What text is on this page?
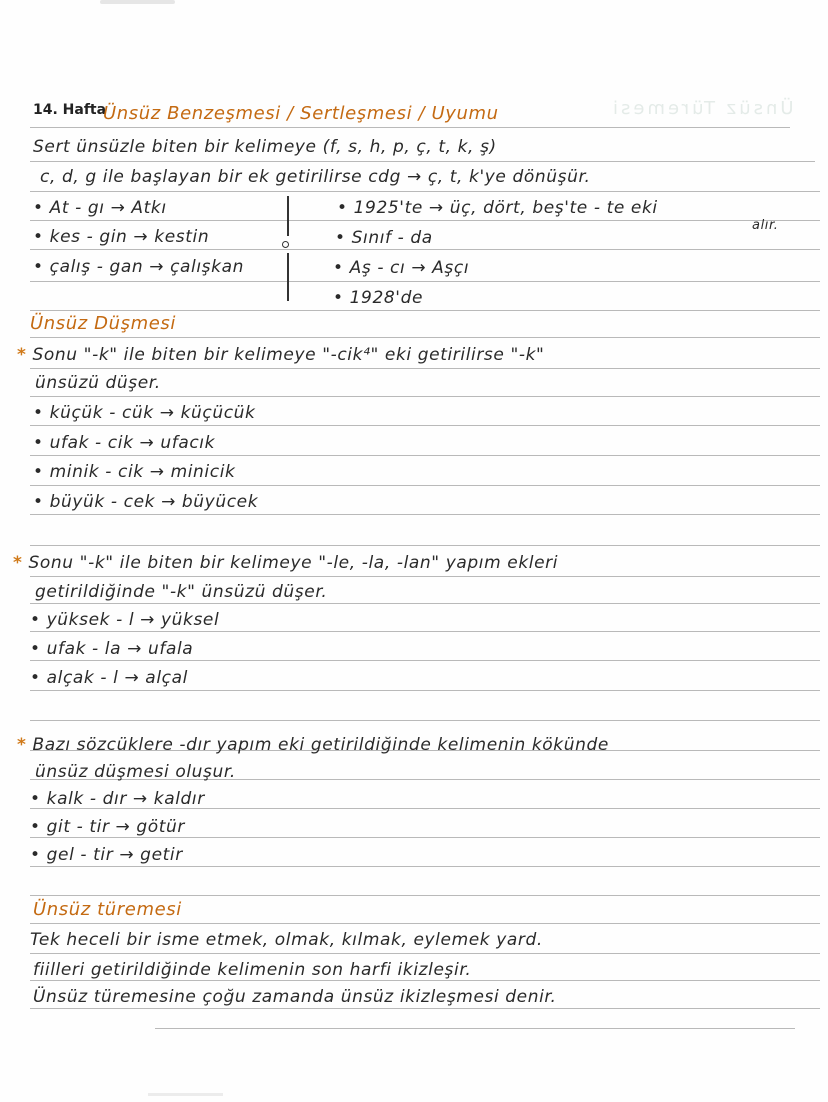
Ünsüz Türemesi
14. Hafta
Ünsüz Benzeşmesi / Sertleşmesi / Uyumu
Sert ünsüzle biten bir kelimeye (f, s, h, p, ç, t, k, ş)
c, d, g ile başlayan bir ek getirilirse cdg → ç, t, k'ye dönüşür.
• At - gı → Atkı
• kes - gin → kestin
• çalış - gan → çalışkan
• 1925'te → üç, dört, beş'te - te eki
alır.
• Sınıf - da
• Aş - cı → Aşçı
• 1928'de
Ünsüz Düşmesi
* Sonu "-k" ile biten bir kelimeye "-cik⁴" eki getirilirse "-k"
ünsüzü düşer.
• küçük - cük → küçücük
• ufak - cik → ufacık
• minik - cik → minicik
• büyük - cek → büyücek
* Sonu "-k" ile biten bir kelimeye "-le, -la, -lan" yapım ekleri
getirildiğinde "-k" ünsüzü düşer.
• yüksek - l → yüksel
• ufak - la → ufala
• alçak - l → alçal
* Bazı sözcüklere -dır yapım eki getirildiğinde kelimenin kökünde
ünsüz düşmesi oluşur.
• kalk - dır → kaldır
• git - tir → götür
• gel - tir → getir
Ünsüz türemesi
Tek heceli bir isme etmek, olmak, kılmak, eylemek yard.
fiilleri getirildiğinde kelimenin son harfi ikizleşir.
Ünsüz türemesine çoğu zamanda ünsüz ikizleşmesi denir.
